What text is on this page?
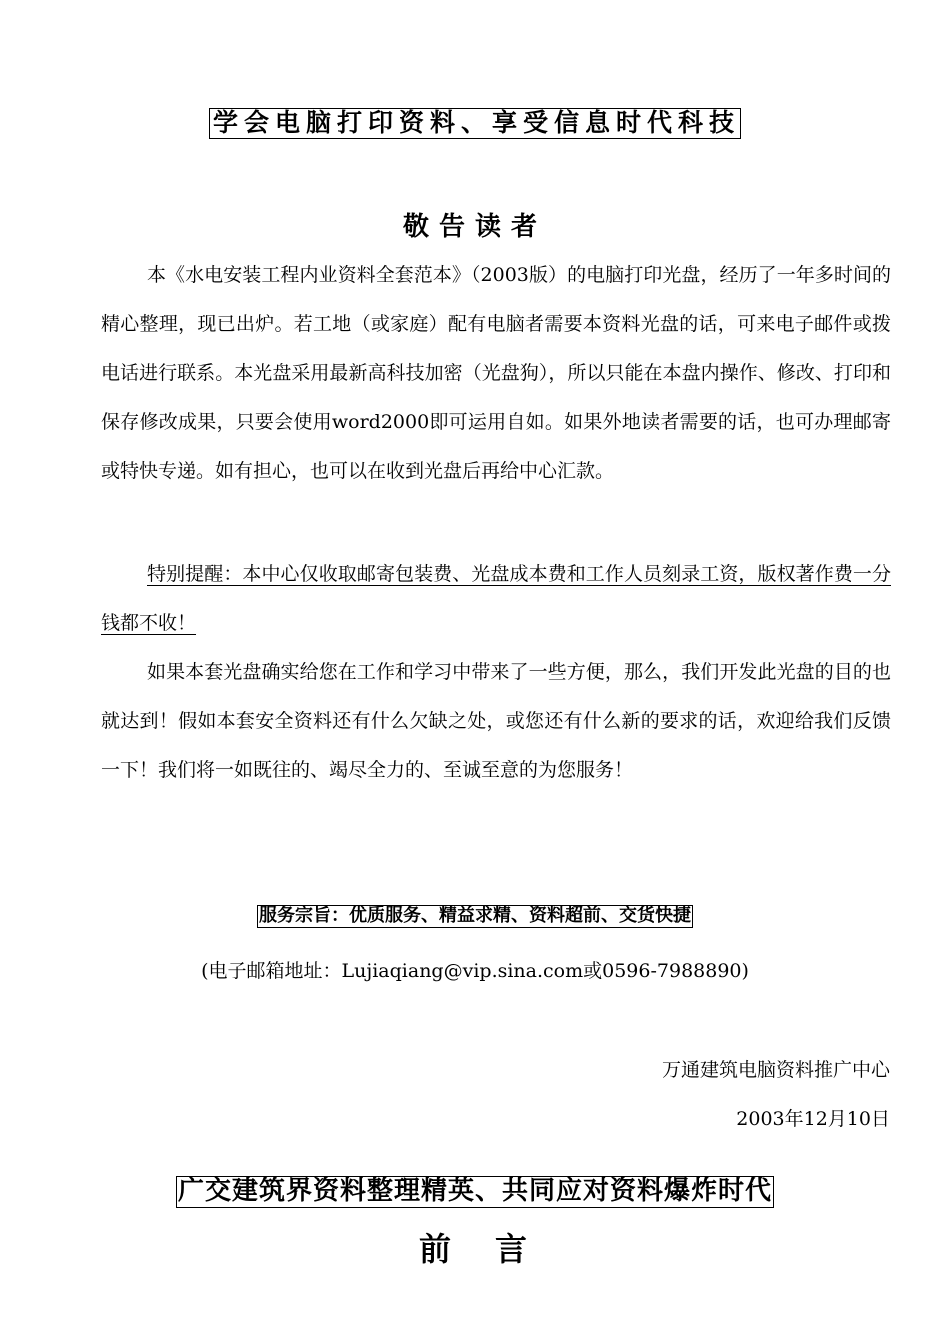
学会电脑打印资料、享受信息时代科技
敬告读者

本《水电安装工程内业资料全套范本》（2003版）的电脑打印光盘，经历了一年多时间的精心整理，现已出炉。若工地（或家庭）配有电脑者需要本资料光盘的话，可来电子邮件或拨电话进行联系。本光盘采用最新高科技加密（光盘狗），所以只能在本盘内操作、修改、打印和保存修改成果，只要会使用word2000即可运用自如。如果外地读者需要的话，也可办理邮寄或特快专递。如有担心，也可以在收到光盘后再给中心汇款。

特别提醒：本中心仅收取邮寄包装费、光盘成本费和工作人员刻录工资，版权著作费一分钱都不收！

如果本套光盘确实给您在工作和学习中带来了一些方便，那么，我们开发此光盘的目的也就达到！假如本套安全资料还有什么欠缺之处，或您还有什么新的要求的话，欢迎给我们反馈一下！我们将一如既往的、竭尽全力的、至诚至意的为您服务！

服务宗旨：优质服务、精益求精、资料超前、交货快捷
(电子邮箱地址：Lujiaqiang@vip.sina.com或0596-7988890)
万通建筑电脑资料推广中心
2003年12月10日
广交建筑界资料整理精英、共同应对资料爆炸时代
前言
